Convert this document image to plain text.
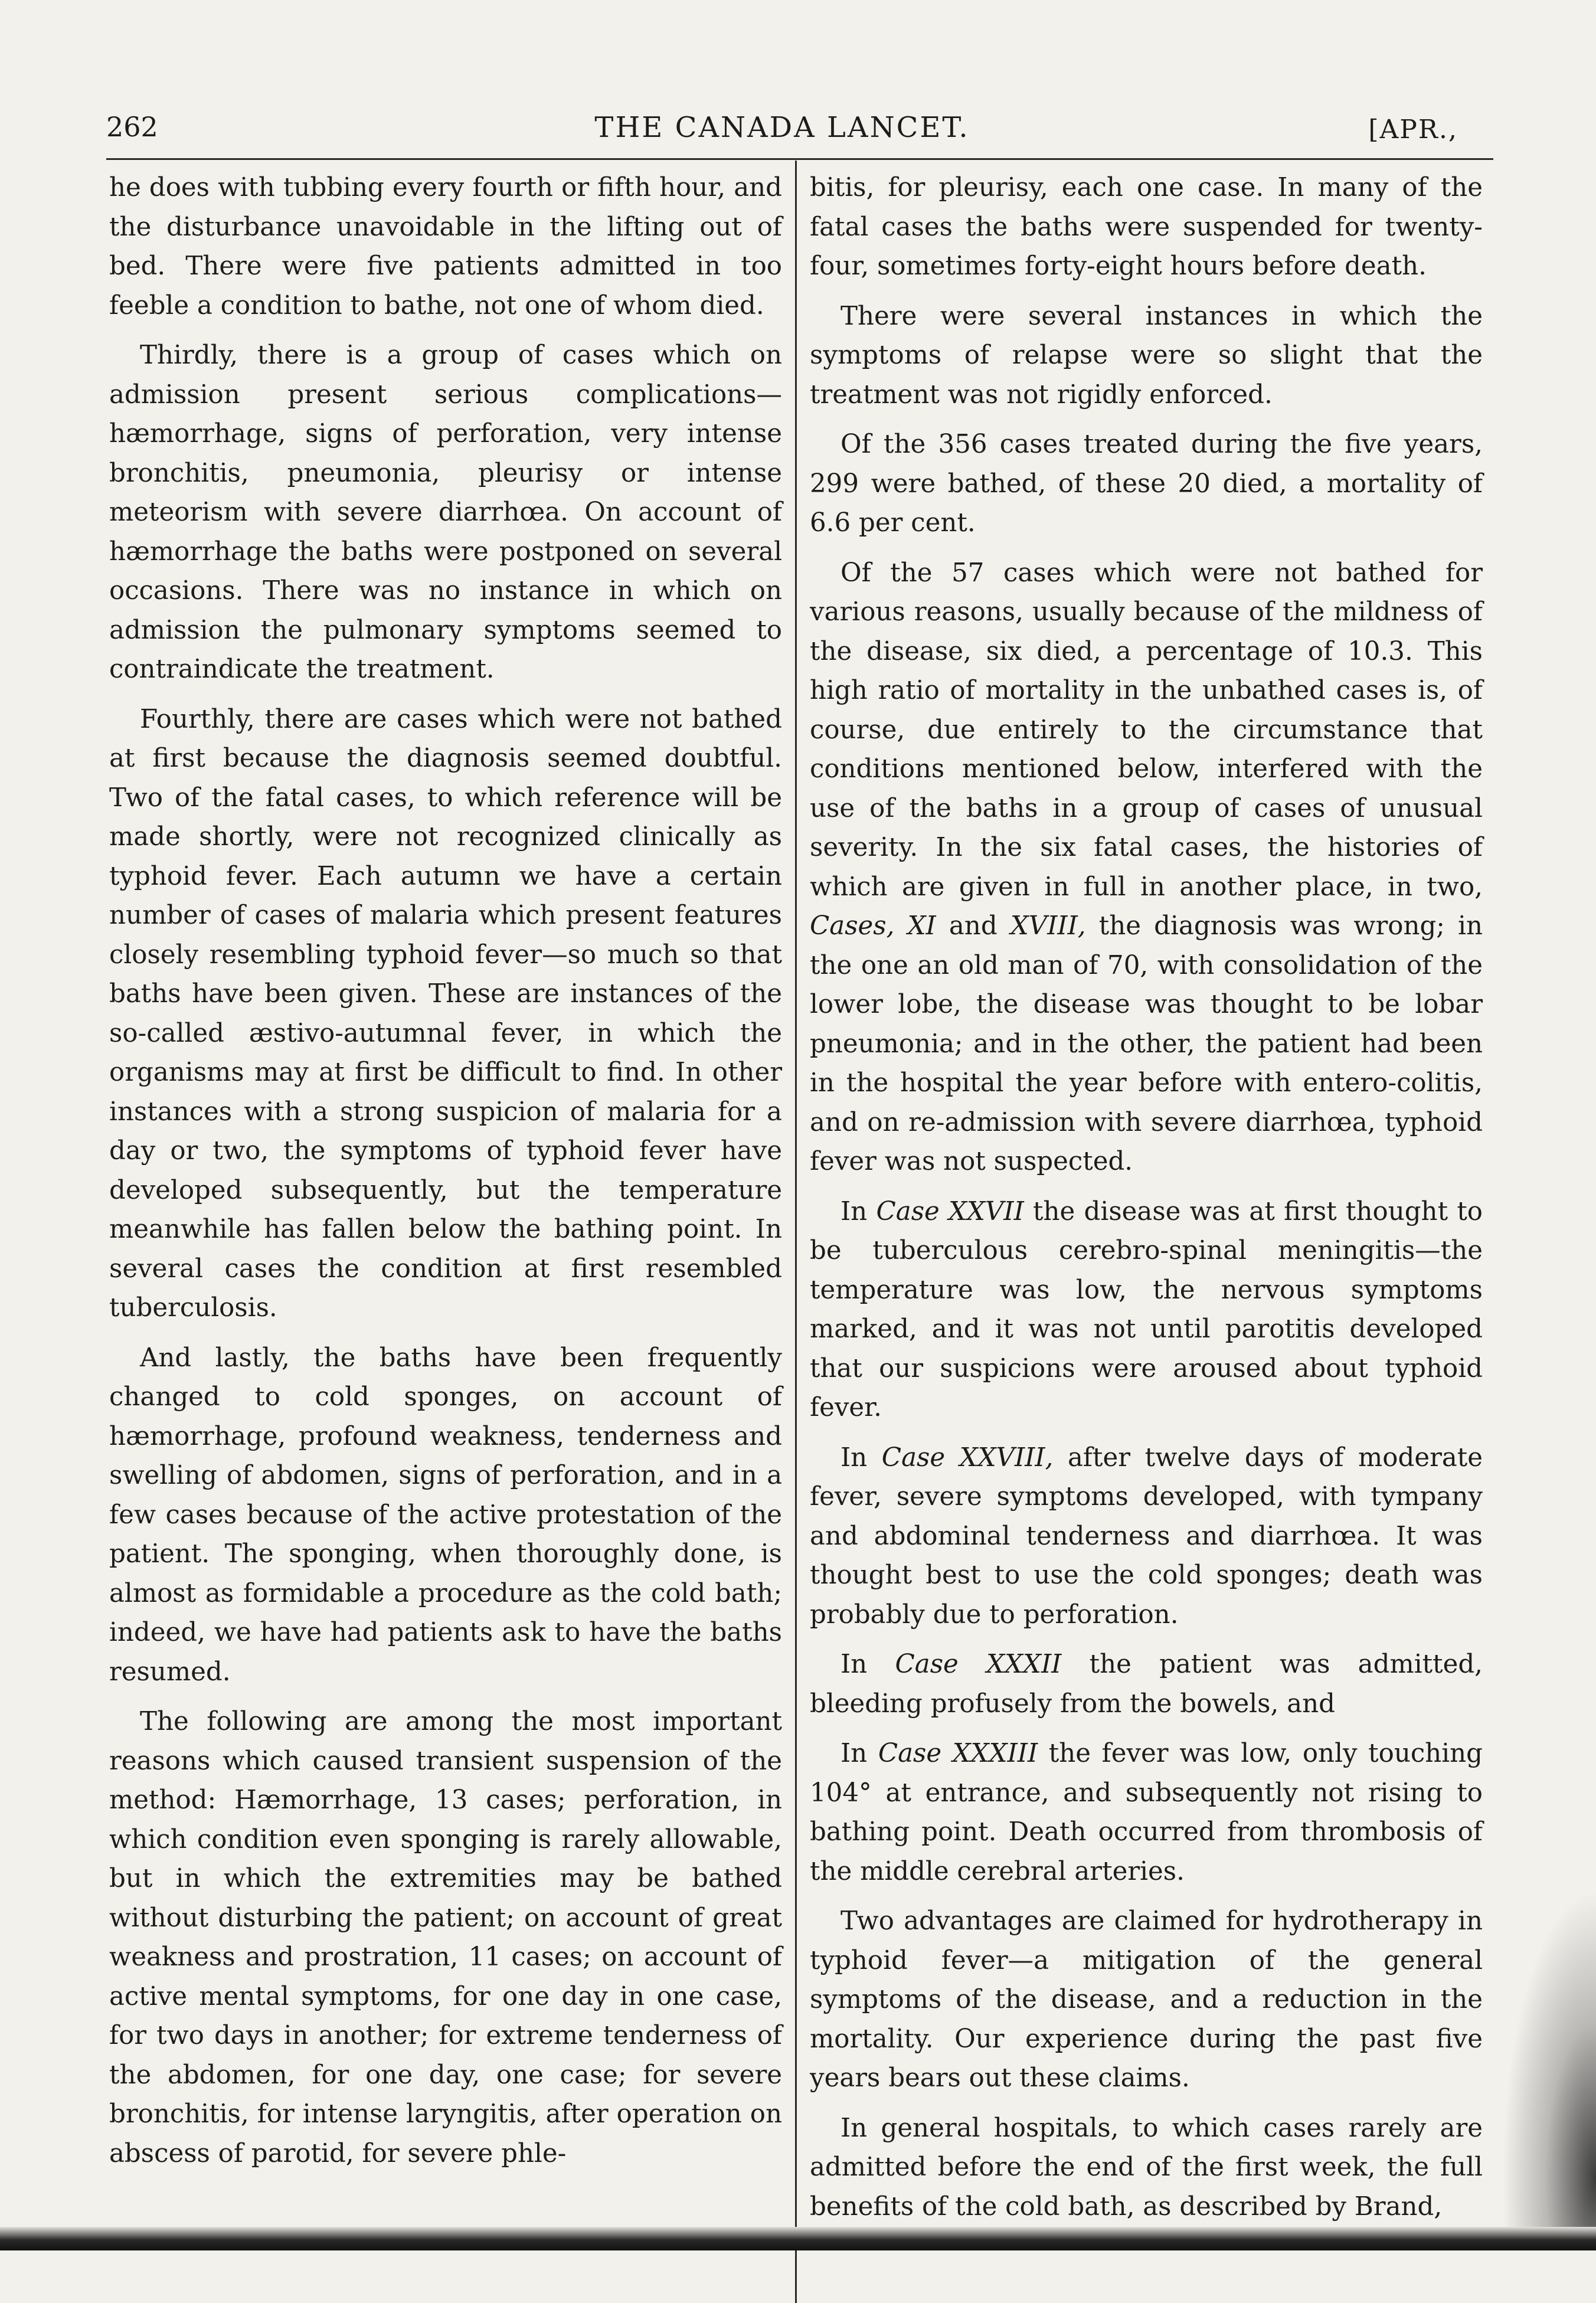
262	THE CANADA LANCET.	[APR.,

he does with tubbing every fourth or fifth hour, and the disturbance unavoidable in the lifting out of bed. There were five patients admitted in too feeble a condition to bathe, not one of whom died.

Thirdly, there is a group of cases which on admission present serious complications—hæmorrhage, signs of perforation, very intense bronchitis, pneumonia, pleurisy or intense meteorism with severe diarrhœa. On account of hæmorrhage the baths were postponed on several occasions. There was no instance in which on admission the pulmonary symptoms seemed to contraindicate the treatment.

Fourthly, there are cases which were not bathed at first because the diagnosis seemed doubtful. Two of the fatal cases, to which reference will be made shortly, were not recognized clinically as typhoid fever. Each autumn we have a certain number of cases of malaria which present features closely resembling typhoid fever—so much so that baths have been given. These are instances of the so-called æstivo-autumnal fever, in which the organisms may at first be difficult to find. In other instances with a strong suspicion of malaria for a day or two, the symptoms of typhoid fever have developed subsequently, but the temperature meanwhile has fallen below the bathing point. In several cases the condition at first resembled tuberculosis.

And lastly, the baths have been frequently changed to cold sponges, on account of hæmorrhage, profound weakness, tenderness and swelling of abdomen, signs of perforation, and in a few cases because of the active protestation of the patient. The sponging, when thoroughly done, is almost as formidable a procedure as the cold bath; indeed, we have had patients ask to have the baths resumed.

The following are among the most important reasons which caused transient suspension of the method: Hæmorrhage, 13 cases; perforation, in which condition even sponging is rarely allowable, but in which the extremities may be bathed without disturbing the patient; on account of great weakness and prostration, 11 cases; on account of active mental symptoms, for one day in one case, for two days in another; for extreme tenderness of the abdomen, for one day, one case; for severe bronchitis, for intense laryngitis, after operation on abscess of parotid, for severe phle-

bitis, for pleurisy, each one case. In many of the fatal cases the baths were suspended for twenty-four, sometimes forty-eight hours before death.

There were several instances in which the symptoms of relapse were so slight that the treatment was not rigidly enforced.

Of the 356 cases treated during the five years, 299 were bathed, of these 20 died, a mortality of 6.6 per cent.

Of the 57 cases which were not bathed for various reasons, usually because of the mildness of the disease, six died, a percentage of 10.3. This high ratio of mortality in the unbathed cases is, of course, due entirely to the circumstance that conditions mentioned below, interfered with the use of the baths in a group of cases of unusual severity. In the six fatal cases, the histories of which are given in full in another place, in two, Cases, XI and XVIII, the diagnosis was wrong; in the one an old man of 70, with consolidation of the lower lobe, the disease was thought to be lobar pneumonia; and in the other, the patient had been in the hospital the year before with entero-colitis, and on re-admission with severe diarrhœa, typhoid fever was not suspected.

In Case XXVII the disease was at first thought to be tuberculous cerebro-spinal meningitis—the temperature was low, the nervous symptoms marked, and it was not until parotitis developed that our suspicions were aroused about typhoid fever.

In Case XXVIII, after twelve days of moderate fever, severe symptoms developed, with tympany and abdominal tenderness and diarrhœa. It was thought best to use the cold sponges; death was probably due to perforation.

In Case XXXII the patient was admitted, bleeding profusely from the bowels, and

In Case XXXIII the fever was low, only touching 104° at entrance, and subsequently not rising to bathing point. Death occurred from thrombosis of the middle cerebral arteries.

Two advantages are claimed for hydrotherapy in typhoid fever—a mitigation of the general symptoms of the disease, and a reduction in the mortality. Our experience during the past five years bears out these claims.

In general hospitals, to which cases rarely are admitted before the end of the first week, the full benefits of the cold bath, as described by Brand,
